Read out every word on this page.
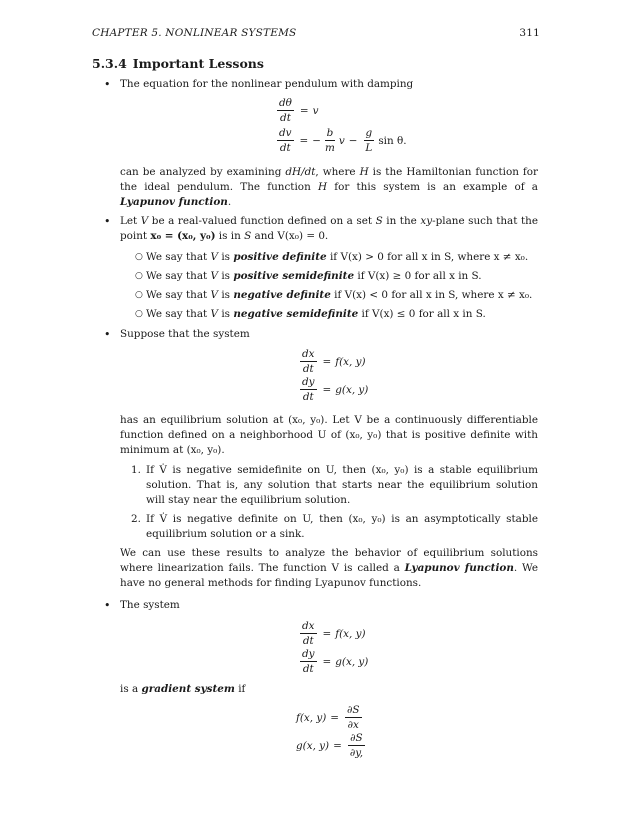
CHAPTER 5. NONLINEAR SYSTEMS	311
5.3.4 Important Lessons
• The equation for the nonlinear pendulum with damping
$\frac{d\theta}{dt} = v$
$\frac{dv}{dt}$ = − $\frac{b}{m}$ $v - \frac{g}{L}$ sin θ.
can be analyzed by examining dH/dt, where H is the Hamiltonian function for the ideal pendulum. The function H for this system is an example of a Lyapunov function.
• Let V be a real-valued function defined on a set S in the xy-plane such that the point x₀ = (x₀, y₀) is in S and V(x₀) = 0.
○ We say that V is positive definite if V(x) > 0 for all x in S, where x ≠ x₀.
○ We say that V is positive semidefinite if V(x) ≥ 0 for all x in S.
○ We say that V is negative definite if V(x) < 0 for all x in S, where x ≠ x₀.
○ We say that V is negative semidefinite if V(x) ≤ 0 for all x in S.
• Suppose that the system
$\frac{dx}{dt} = f(x$, y)
$\frac{dy}{dt} = g(x$, y)
has an equilibrium solution at (x₀, y₀). Let V be a continuously differentiable function defined on a neighborhood U of (x₀, y₀) that is positive definite with minimum at (x₀, y₀).
1. If V̇ is negative semidefinite on U, then (x₀, y₀) is a stable equilibrium solution. That is, any solution that starts near the equilibrium solution will stay near the equilibrium solution.
2. If V̇ is negative definite on U, then (x₀, y₀) is an asymptotically stable equilibrium solution or a sink.
We can use these results to analyze the behavior of equilibrium solutions where linearization fails. The function V is called a Lyapunov function. We have no general methods for finding Lyapunov functions.
• The system
$\frac{dx}{dt} = f(x$, y)
$\frac{dy}{dt} = g(x$, y)
is a gradient system if
f(x, $y) = \frac{\partial S}{\partial x}$
g(x, $y) = \frac{\partial S}{\partial y,}$
